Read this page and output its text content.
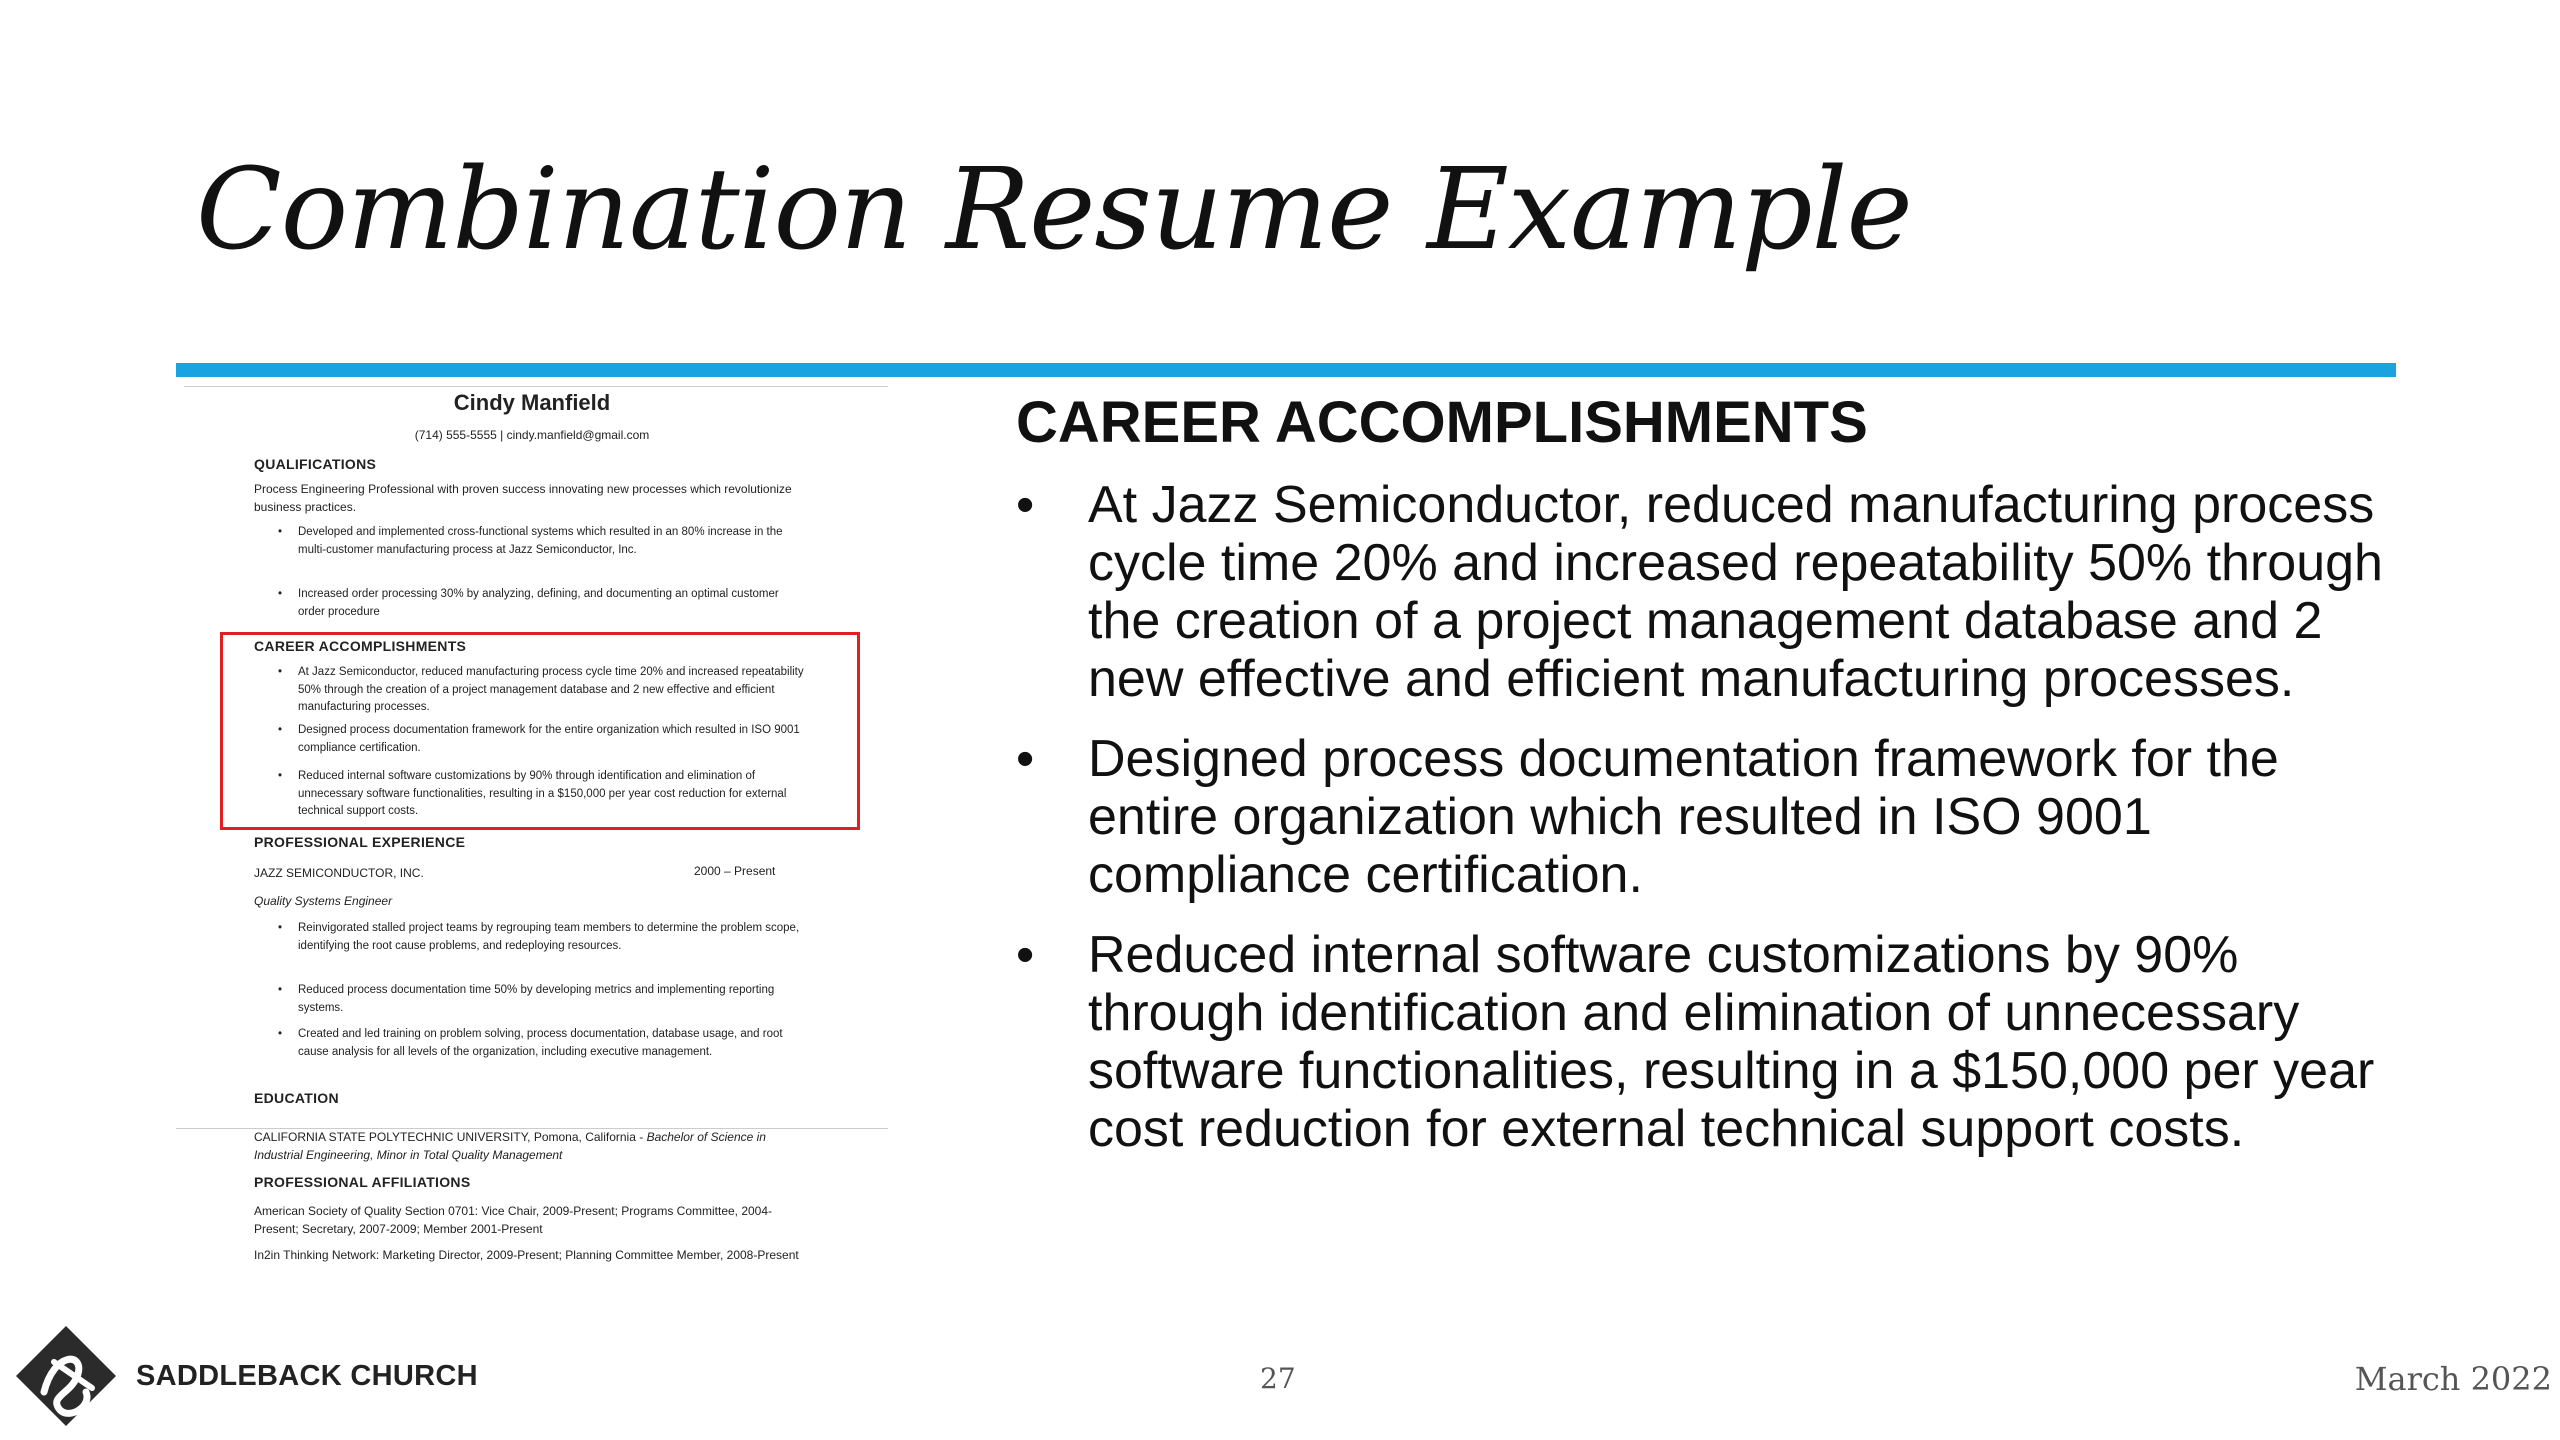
Combination Resume Example
Cindy Manfield
(714) 555-5555 | cindy.manfield@gmail.com
QUALIFICATIONS
Process Engineering Professional with proven success innovating new processes which revolutionize business practices.
• Developed and implemented cross-functional systems which resulted in an 80% increase in the multi-customer manufacturing process at Jazz Semiconductor, Inc.
• Increased order processing 30% by analyzing, defining, and documenting an optimal customer order procedure
CAREER ACCOMPLISHMENTS
• At Jazz Semiconductor, reduced manufacturing process cycle time 20% and increased repeatability 50% through the creation of a project management database and 2 new effective and efficient manufacturing processes.
• Designed process documentation framework for the entire organization which resulted in ISO 9001 compliance certification.
• Reduced internal software customizations by 90% through identification and elimination of unnecessary software functionalities, resulting in a $150,000 per year cost reduction for external technical support costs.
PROFESSIONAL EXPERIENCE
JAZZ SEMICONDUCTOR, INC.	2000 – Present
Quality Systems Engineer
• Reinvigorated stalled project teams by regrouping team members to determine the problem scope, identifying the root cause problems, and redeploying resources.
• Reduced process documentation time 50% by developing metrics and implementing reporting systems.
• Created and led training on problem solving, process documentation, database usage, and root cause analysis for all levels of the organization, including executive management.
EDUCATION
CALIFORNIA STATE POLYTECHNIC UNIVERSITY, Pomona, California - Bachelor of Science in Industrial Engineering, Minor in Total Quality Management
PROFESSIONAL AFFILIATIONS
American Society of Quality Section 0701: Vice Chair, 2009-Present; Programs Committee, 2004-Present; Secretary, 2007-2009; Member 2001-Present
In2in Thinking Network: Marketing Director, 2009-Present; Planning Committee Member, 2008-Present
CAREER ACCOMPLISHMENTS
• At Jazz Semiconductor, reduced manufacturing process cycle time 20% and increased repeatability 50% through the creation of a project management database and 2 new effective and efficient manufacturing processes.
• Designed process documentation framework for the entire organization which resulted in ISO 9001 compliance certification.
• Reduced internal software customizations by 90% through identification and elimination of unnecessary software functionalities, resulting in a $150,000 per year cost reduction for external technical support costs.
SADDLEBACK CHURCH	27	March 2022
